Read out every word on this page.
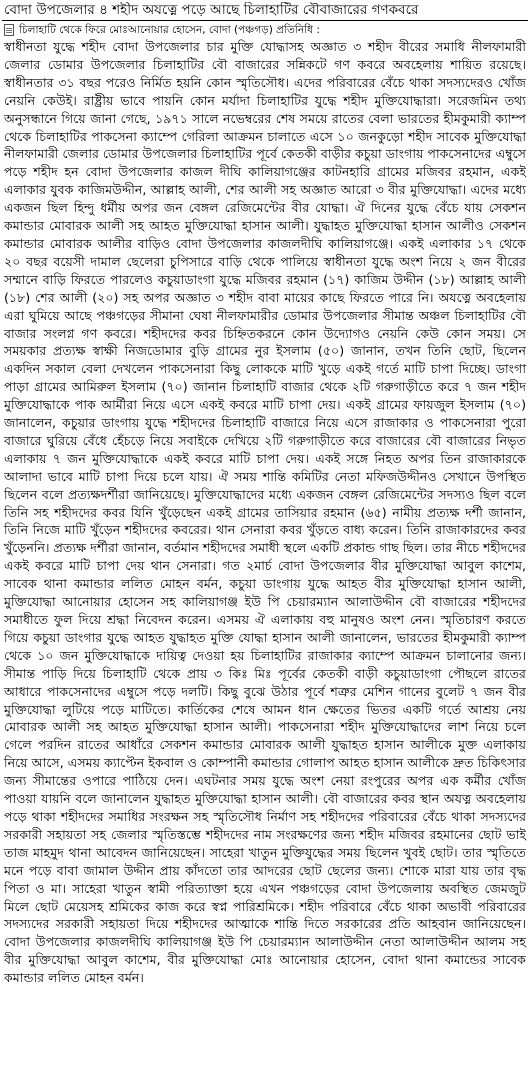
বোদা উপজেলার ৪ শহীদ অযত্নে পড়ে আছে চিলাহাটির বৌবাজারের গণকবরে
চিলাহাটি থেকে ফিরে মোঃআনোয়ার হোসেন, বোদা (পঞ্চগড়) প্রতিনিধি :
স্বাধীনতা যুদ্ধে শহীদ বোদা উপজেলার চার মুক্তি যোদ্ধাসহ অজ্ঞাত ৩ শহীদ বীরের সমাধি নীলফামারী জেলার ডোমার উপজেলার চিলাহাটির বৌ বাজারের সন্নিকটে গণ কবরে অবহেলায় শায়িত রয়েছে। স্বাধীনতার ৩১ বছর পরেও নির্মিত হয়নি কোন স্মৃতিসৌধ। এদের পরিবারের বেঁচে থাকা সদস্যদেরও খোঁজ নেয়নি কেউই। রাষ্ট্রীয় ভাবে পায়নি কোন মর্যাদা চিলাহাটির যুদ্ধে শহীদ মুক্তিযোদ্ধারা। সরেজমিন তথ্য অনুসন্ধানে গিয়ে জানা গেছে, ১৯৭১ সালে নভেম্বরের শেষ সময়ে রাতের বেলা ভারতের হীমকুমারী ক্যাম্প থেকে চিলাহাটির পাকসেনা ক্যাম্পে গেরিলা আক্রমন চালাতে এসে ১০ জনকুড়ো শহীদ সাবেক মুক্তিযোদ্ধা নীলফামারী জেলার ডোমার উপজেলার চিলাহাটির পূর্বে কেতকী বাড়ীর কচুয়া ডাংগায় পাকসেনাদের এম্বুসে পড়ে শহীদ হন বোদা উপজেলার কাজল দীঘি কালিয়াগঞ্জের কাটনহারি গ্রামের মজিবর রহমান, একই এলাকার যুবক কাজিমউদ্দীন, আল্লাহ আলী, শের আলী সহ অজ্ঞাত আরো ৩ বীর মুক্তিযোদ্ধা। এদের মধ্যে একজন ছিল হিন্দু ধর্মীয় অপর জন বেঙ্গল রেজিমেন্টের বীর যোদ্ধা। ঐ দিনের যুদ্ধে বেঁচে যায় সেকশন কমান্ডার মোবারক আলী সহ আহত মুক্তিযোদ্ধা হাসান আলী। যুদ্ধাহত মুক্তিযোদ্ধা হাসান আলীও সেকশন কমান্ডার মোবারক আলীর বাড়িও বোদা উপজেলার কাজলদীঘি কালিয়াগঞ্জে। একই এলাকার ১৭ থেকে ২০ বছর বয়েসী দামাল ছেলেরা চুপিসারে বাড়ি থেকে পালিয়ে স্বাধীনতা যুদ্ধে অংশ নিয়ে ২ জন বীরের সম্মানে বাড়ি ফিরতে পারলেও কচুয়াডাংগা যুদ্ধে মজিবর রহমান (১৭) কাজিম উদ্দীন (১৮) আল্লাহ আলী (১৮) শের আলী (২০) সহ অপর অজ্ঞাত ৩ শহীদ বাবা মায়ের কাছে ফিরতে পারে নি। অযত্নে অবহেলায় এরা ঘুমিয়ে আছে পঞ্চগড়ের সীমানা ঘেষা নীলফামারীর ডোমার উপজেলার সীমান্ত অঞ্চল চিলাহাটির বৌ বাজার সংলগ্ন গণ কবরে। শহীদদের কবর চিহ্নিতকরনে কোন উদ্যোগও নেয়নি কেউ কোন সময়। সে সময়কার প্রত্যক্ষ স্বাক্ষী নিজডোমার বুড়ি গ্রামের নুর ইসলাম (৫০) জানান, তখন তিনি ছোট, ছিলেন একদিন সকাল বেলা দেখলেন পাকসেনারা কিছু লোককে মাটি খুড়ে একই গর্তে মাটি চাপা দিচ্ছে। ডাংগা পাড়া গ্রামের আমিরুল ইসলাম (৭০) জানান চিলাহাটি বাজার থেকে ২টি গরুগাড়ীতে করে ৭ জন শহীদ মুক্তিযোদ্ধাকে পাক আর্মীরা নিয়ে এসে একই কবরে মাটি চাপা দেয়। একই গ্রামের ফায়জুল ইসলাম (৭০) জানালেন, কচুয়ার ডাংগায় যুদ্ধে শহীদদের চিলাহাটি বাজারে নিয়ে এসে রাজাকার ও পাকসেনারা পুরো বাজারে ঘুরিয়ে বেঁধে হেঁচড়ে নিয়ে সবাইকে দেখিয়ে ২টি গরুগাড়ীতে করে বাজারের বৌ বাজারের নিভৃত এলাকায় ৭ জন মুক্তিযোদ্ধাকে একই কবরে মাটি চাপা দেয়। একই সঙ্গে নিহত অপর তিন রাজাকারকে আলাদা ভাবে মাটি চাপা দিয়ে চলে যায়। ঐ সময় শান্তি কমিটির নেতা মফিজউদ্দীনও সেখানে উপস্থিত ছিলেন বলে প্রত্যক্ষদর্শীরা জানিয়েছে। মুক্তিযোদ্ধাদের মধ্যে একজন বেঙ্গল রেজিমেন্টের সদস্যও ছিল বলে তিনি সহ শহীদদের কবর যিনি খুঁড়েছেন একই গ্রামের তাসিয়ার রহমান (৬৫) নামীয় প্রত্যক্ষ দর্শী জানান, তিনি নিজে মাটি খুঁড়েন শহীদদের কবরের। থান সেনারা কবর খুঁড়তে বাধ্য করেন। তিনি রাজাকারদের কবর খুঁড়েননি। প্রত্যক্ষ দর্শীরা জানান, বর্তমান শহীদদের সমাধী স্থলে একটি প্রকান্ড গাছ ছিল। তার নীচে শহীদদের একই কবরে মাটি চাপা দেয় থান সেনারা। গত ২মার্চ বোদা উপজেলার বীর মুক্তিযোদ্ধা আবুল কাশেম, সাবেক থানা কমান্ডার ললিত মোহন বর্মন, কচুয়া ডাংগায় যুদ্ধে আহত বীর মুক্তিযোদ্ধা হাসান আলী, মুক্তিযোদ্ধা আনোয়ার হোসেন সহ কালিয়াগঞ্জ ইউ পি চেয়ারম্যান আলাউদ্দীন বৌ বাজারের শহীদদের সমাধীতে ফুল দিয়ে শ্রদ্ধা নিবেদন করেন। এসময় ঐ এলাকায় বহু মানুষও অংশ নেন। স্মৃতিচারণ করতে গিয়ে কচুয়া ডাংগার যুদ্ধে আহত যুদ্ধাহত মুক্তি যোদ্ধা হাসান আলী জানালেন, ভারতের হীমকুমারী ক্যাম্প থেকে ১০ জন মুক্তিযোদ্ধাকে দায়িত্ব দেওয়া হয় চিলাহাটির রাজাকার ক্যাম্পে আক্রমন চালানোর জন্য। সীমান্ত পাড়ি দিয়ে চিলাহাটি থেকে প্রায় ৩ কিঃ মিঃ পূর্বের কেতকী বাড়ী কচুয়াডাংগা পৌছলে রাতের আধারে পাকসেনাদের এম্বুসে পড়ে দলটি। কিছু বুঝে উঠার পূর্বে শত্রুর মেশিন গানের বুলেট ৭ জন বীর মুক্তিযোদ্ধা লুটিয়ে পড়ে মাটিতে। কার্তিকের শেষে আমন ধান ক্ষেতের ভিতর একটি গর্তে আশ্রয় নেয় মোবারক আলী সহ আহত মুক্তিযোদ্ধা হাসান আলী। পাকসেনারা শহীদ মুক্তিযোদ্ধাদের লাশ নিয়ে চলে গেলে পরদিন রাতের আধাঁরে সেকশন কমান্ডার মোবারক আলী যুদ্ধাহত হাসান আলীকে মুক্ত এলাকায় নিয়ে আসে, এসময় ক্যাপ্টেন ইকবাল ও কোম্পানী কমান্ডার গোলাপ আহত হাসান আলীকে দ্রুত চিকিৎসার জন্য সীমান্তের ওপারে পাঠিয়ে দেন। এঘটনার সময় যুদ্ধে অংশ নেয়া রংপুরের অপর এক কর্মীর খোঁজ পাওয়া যায়নি বলে জানালেন যুদ্ধাহত মুক্তিযোদ্ধা হাসান আলী। বৌ বাজারের কবর স্থান অযত্ন অবহেলায় পড়ে থাকা শহীদদের সমাধির সংরক্ষন সহ স্মৃতিসৌধ নির্মাণ সহ শহীদদের পরিবারের বেঁচে থাকা সদস্যদের সরকারী সহায়তা সহ জেলার স্মৃতিস্তম্ভে শহীদদের নাম সংরক্ষণের জন্য শহীদ মজিবর রহমানের ছোট ভাই তাজ মাহমুদ থানা আবেদন জানিয়েছেন। সাহেরা খাতুন মুক্তিযুদ্ধের সময় ছিলেন খুবই ছোট। তার স্মৃতিতে মনে পড়ে বাবা জামাল উদ্দীন প্রায় কাঁদতো তার আদরের ছোট ছেলের জন্য। শোকে মারা যায় তার বৃদ্ধ পিতা ও মা। সাহেরা খাতুন স্বামী পরিত্যাক্তা হয়ে এখন পঞ্চগড়ের বোদা উপজেলায় অবস্থিত জেমজুট মিলে ছোট মেয়েসহ শ্রমিকের কাজ করে স্বপ্ন পারিশ্রমিকে। শহীদ পরিবারে বেঁচে থাকা অভাবী পরিবারের সদস্যদের সরকারী সহায়তা দিয়ে শহীদদের আত্মাকে শান্তি দিতে সরকারের প্রতি আহবান জানিয়েছেন। বোদা উপজেলার কাজলদীঘি কালিয়াগঞ্জ ইউ পি চেয়ারম্যান আলাউদ্দীন নেতা আলাউদ্দীন আলম সহ বীর মুক্তিযোদ্ধা আবুল কাশেম, বীর মুক্তিযোদ্ধা মোঃ আনোয়ার হোসেন, বোদা থানা কমান্ডের সাবেক কমান্ডার ললিত মোহন বর্মন।
